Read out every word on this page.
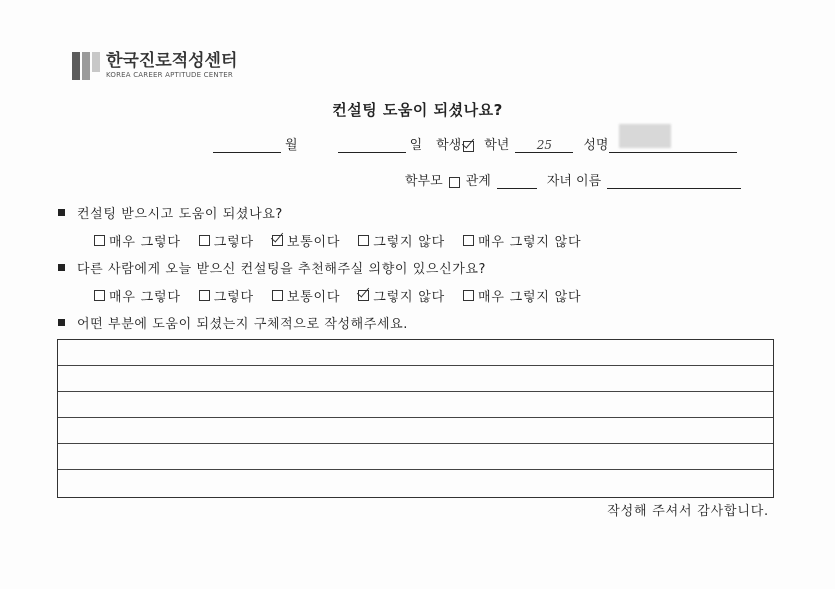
한국진로적성센터
KOREA CAREER APTITUDE CENTER
컨설팅 도움이 되셨나요?
월	일 학생 학년	25	성명
학부모 관계	자녀 이름
컨설팅 받으시고 도움이 되셨나요?
매우 그렇다	그렇다	보통이다	그렇지 않다	매우 그렇지 않다
다른 사람에게 오늘 받으신 컨설팅을 추천해주실 의향이 있으신가요?
매우 그렇다	그렇다	보통이다	그렇지 않다	매우 그렇지 않다
어떤 부분에 도움이 되셨는지 구체적으로 작성해주세요.
작성해 주셔서 감사합니다.
